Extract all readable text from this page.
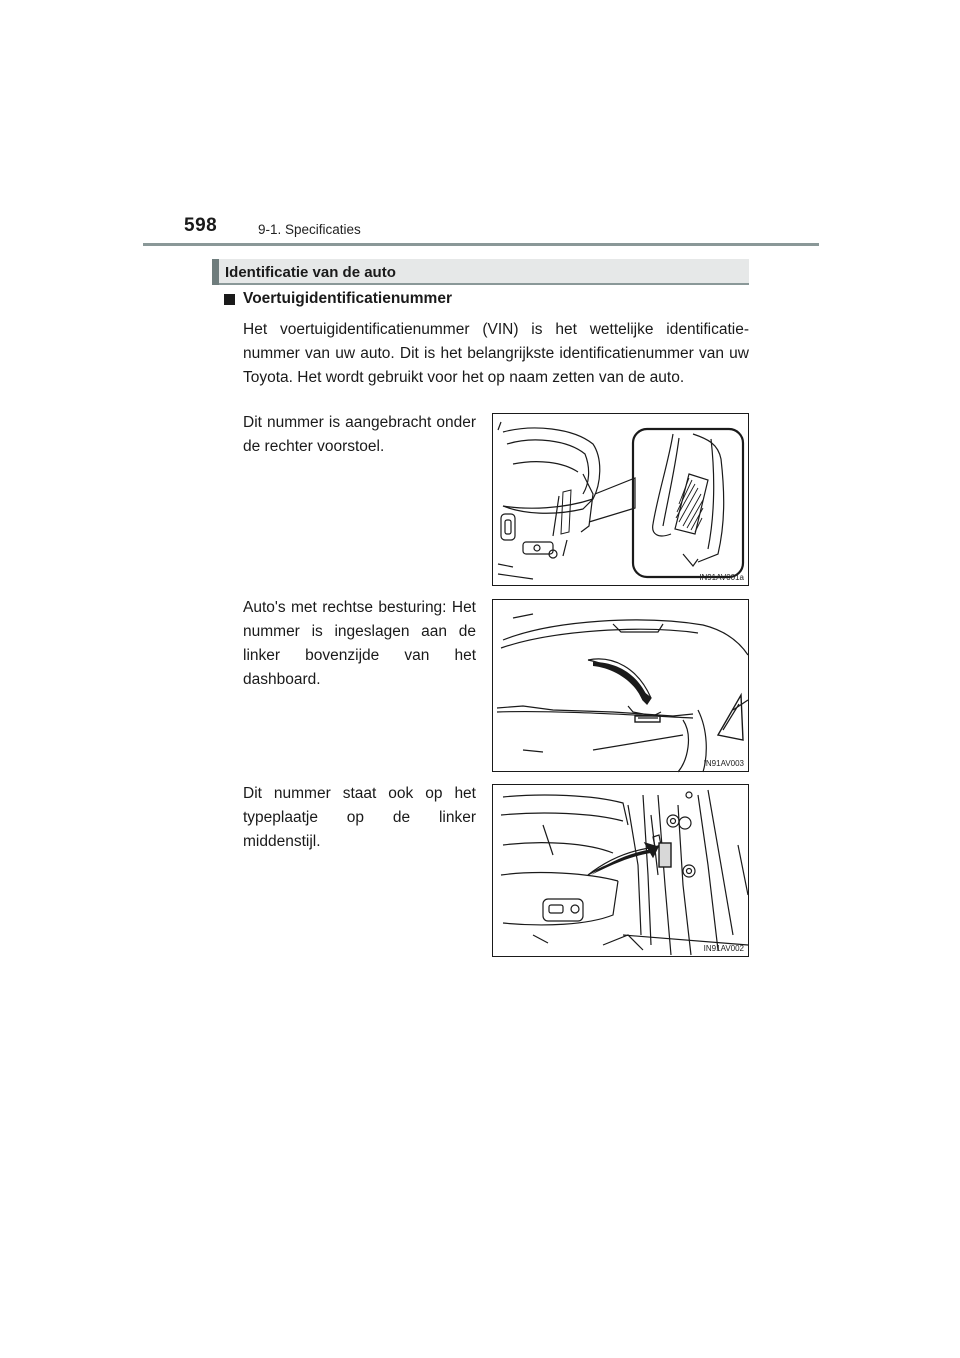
598	9-1. Specificaties
Identificatie van de auto
Voertuigidentificatienummer
Het voertuigidentificatienummer (VIN) is het wettelijke identificatie-nummer van uw auto. Dit is het belangrijkste identificatienummer van uw Toyota. Het wordt gebruikt voor het op naam zetten van de auto.
Dit nummer is aangebracht onder de rechter voorstoel.
Auto's met rechtse besturing: Het nummer is ingeslagen aan de linker bovenzijde van het dashboard.
Dit nummer staat ook op het typeplaatje op de linker middenstijl.
IN91AV001a
IN91AV003
IN91AV002
